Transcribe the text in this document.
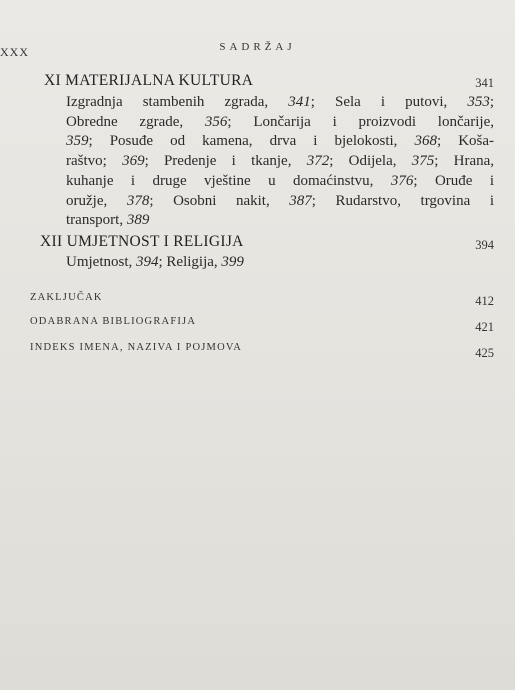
XXX	SADRŽAJ
XI MATERIJALNA KULTURA	341
Izgradnja stambenih zgrada, 341; Sela i putovi, 353;
Obredne zgrade, 356; Lončarija i proizvodi lončarije,
359; Posuđe od kamena, drva i bjelokosti, 368; Koša-
raštvo; 369; Predenje i tkanje, 372; Odijela, 375; Hrana,
kuhanje i druge vještine u domaćinstvu, 376; Oruđe i
oružje, 378; Osobni nakit, 387; Rudarstvo, trgovina i
transport, 389
XII UMJETNOST I RELIGIJA	394
Umjetnost, 394; Religija, 399
ZAKLJUČAK	412
ODABRANA BIBLIOGRAFIJA	421
INDEKS IMENA, NAZIVA I POJMOVA	425
